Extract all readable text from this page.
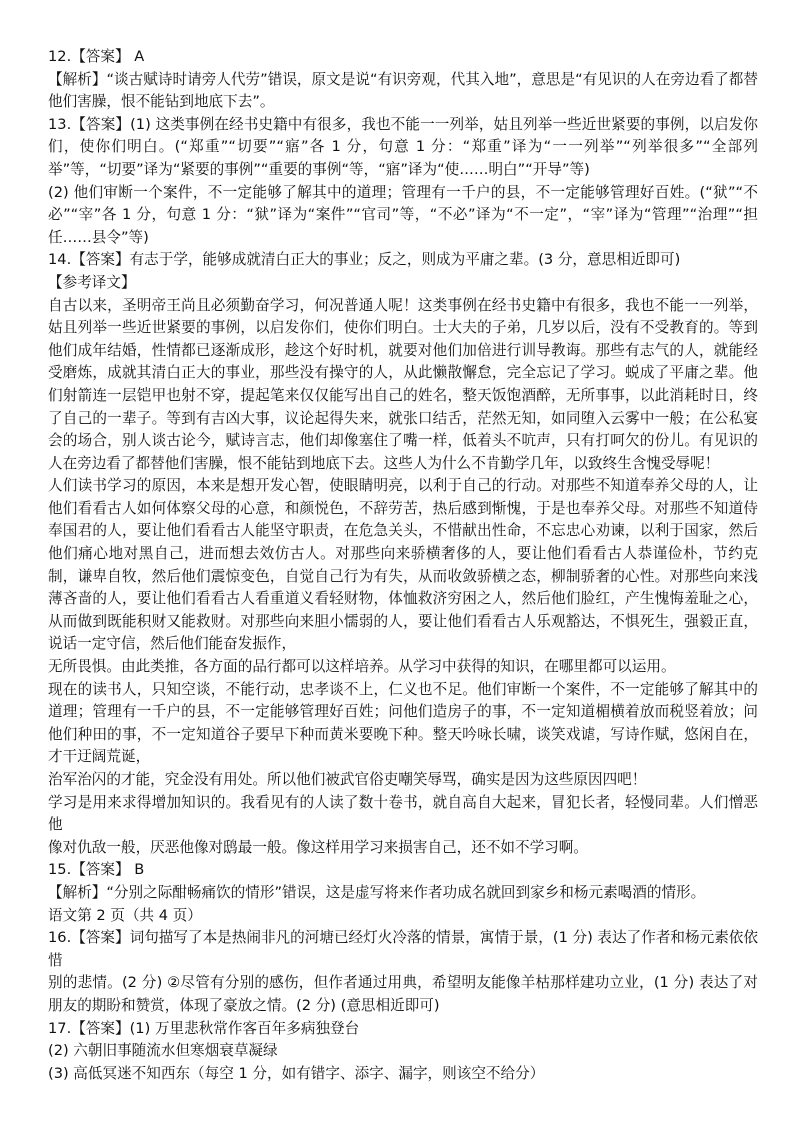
12.【答案】 A

【解析】“谈古赋诗时请旁人代劳”错误，原文是说“有识旁观，代其入地”，意思是“有见识的人在旁边看了都替他们害臊，恨不能钻到地底下去”。

13.【答案】(1) 这类事例在经书史籍中有很多，我也不能一一列举，姑且列举一些近世紧要的事例，以启发你们，使你们明白。(“郑重”“切要”“寤”各 1 分，句意 1 分：“郑重”译为“一一列举”“列举很多”“全部列举”等，“切要”译为“紧要的事例”“重要的事例“等，“寤”译为“使……明白”“开导”等)

(2) 他们审断一个案件，不一定能够了解其中的道理；管理有一千户的县，不一定能够管理好百姓。(“狱”“不必”“宰”各 1 分，句意 1 分：“狱”译为“案件”“官司”等，“不必”译为“不一定”，“宰”译为“管理”“治理”“担任……县令”等)

14.【答案】有志于学，能够成就清白正大的事业；反之，则成为平庸之辈。(3 分，意思相近即可)

【参考译文】

自古以来，圣明帝王尚且必须勤奋学习，何况普通人呢！这类事例在经书史籍中有很多，我也不能一一列举，姑且列举一些近世紧要的事例，以启发你们，使你们明白。士大夫的子弟，几岁以后，没有不受教育的。等到他们成年结婚，性情都已逐渐成形，趁这个好时机，就要对他们加倍进行训导教诲。那些有志气的人，就能经受磨炼，成就其清白正大的事业，那些没有操守的人，从此懒散懈怠，完全忘记了学习。蜕成了平庸之辈。他们射箭连一层铠甲也射不穿，提起笔来仅仅能写出自己的姓名，整天饭饱酒醉，无所事事，以此消耗时日，终了自己的一辈子。等到有吉凶大事，议论起得失来，就张口结舌，茫然无知，如同堕入云雾中一般；在公私宴会的场合，别人谈古论今，赋诗言志，他们却像塞住了嘴一样，低着头不吭声，只有打呵欠的份儿。有见识的人在旁边看了都替他们害臊，恨不能钻到地底下去。这些人为什么不肯勤学几年，以致终生含愧受辱呢！

人们读书学习的原因，本来是想开发心智，使眼睛明亮，以利于自己的行动。对那些不知道奉养父母的人，让他们看看古人如何体察父母的心意，和颜悦色，不辞劳苦，热后感到惭愧，于是也奉养父母。对那些不知道侍奉国君的人，要让他们看看古人能坚守职责，在危急关头，不惜献出性命，不忘忠心劝谏，以利于国家，然后他们痛心地对黑自己，进而想去效仿古人。对那些向来骄横奢侈的人，要让他们看看古人恭谨俭朴，节约克制，谦卑自牧，然后他们震惊变色，自觉自己行为有失，从而收敛骄横之态，柳制骄奢的心性。对那些向来浅薄吝啬的人，要让他们看看古人看重道义看轻财物，体恤救济穷困之人，然后他们脸红，产生愧悔羞耻之心，从而做到既能积财又能救财。对那些向来胆小懦弱的人，要让他们看看古人乐观豁达，不惧死生，强毅正直，说话一定守信，然后他们能奋发振作，

无所畏惧。由此类推，各方面的品行都可以这样培养。从学习中获得的知识，在哪里都可以运用。

现在的读书人，只知空谈，不能行动，忠孝谈不上，仁义也不足。他们审断一个案件，不一定能够了解其中的道理；管理有一千户的县，不一定能够管理好百姓；问他们造房子的事，不一定知道楣横着放而税竖着放；问他们种田的事，不一定知道谷子要早下种而黄米要晚下种。整天吟咏长啸，谈笑戏谑，写诗作赋，悠闲自在，才干迂阔荒诞，

治军治闪的才能，究金没有用处。所以他们被武官俗吏嘲笑辱骂，确实是因为这些原因四吧！

学习是用来求得增加知识的。我看见有的人读了数十卷书，就自高自大起来，冒犯长者，轻慢同辈。人们憎恶他

像对仇敌一般，厌恶他像对鸱最一般。像这样用学习来损害自己，还不如不学习啊。

15.【答案】 B

【解析】“分别之际酣畅痛饮的情形”错误，这是虚写将来作者功成名就回到家乡和杨元素喝酒的情形。

语文第 2 页（共 4 页）

16.【答案】词句描写了本是热闹非凡的河塘已经灯火冷落的情景，寓情于景，(1 分) 表达了作者和杨元素依依惜

别的悲情。(2 分) ②尽管有分别的感伤，但作者通过用典，希望明友能像羊枯那样建功立业，(1 分) 表达了对朋友的期盼和赞赏，体现了豪放之情。(2 分) (意思相近即可)

17.【答案】(1) 万里悲秋常作客百年多病独登台

(2) 六朝旧事随流水但寒烟衰草凝绿

(3) 高低冥迷不知西东（每空 1 分，如有错字、添字、漏字，则该空不给分）
